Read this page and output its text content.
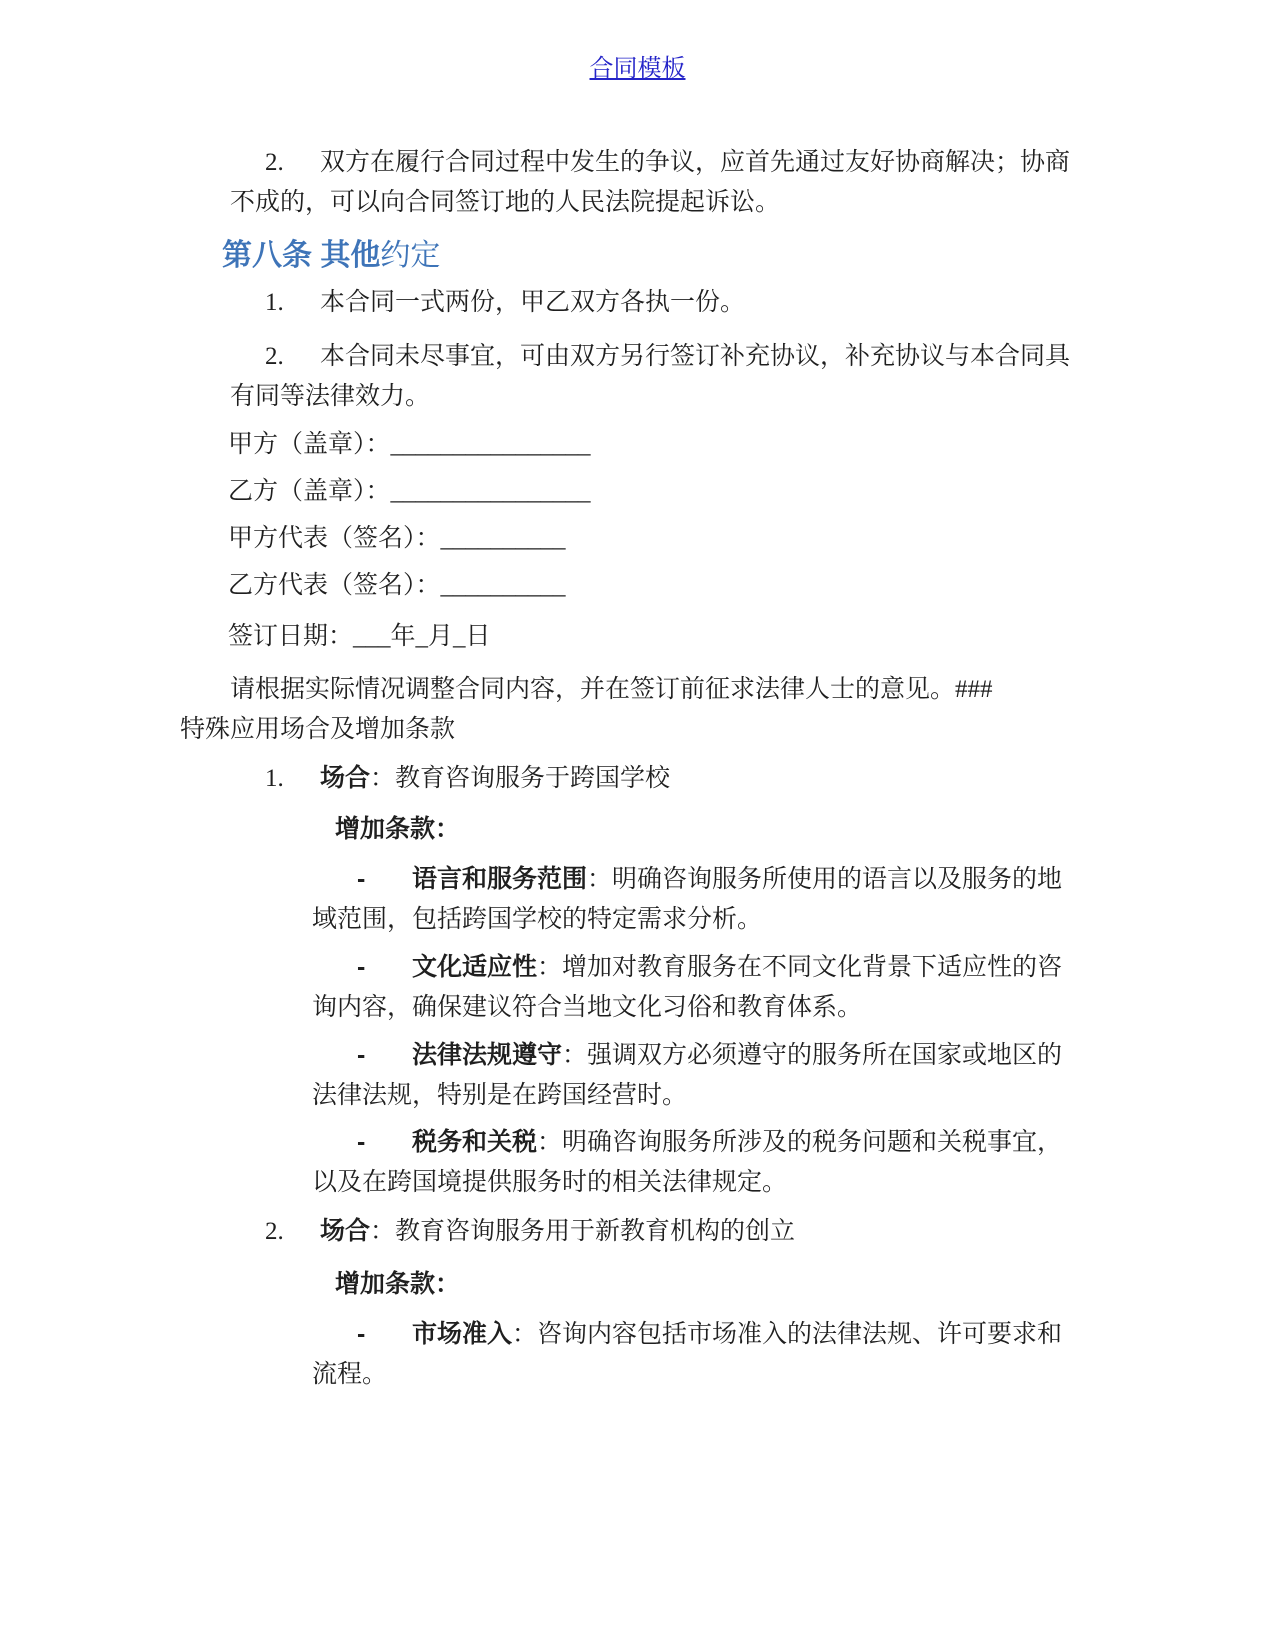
合同模板

2. 双方在履行合同过程中发生的争议，应首先通过友好协商解决；协商不成的，可以向合同签订地的人民法院提起诉讼。

第八条 其他约定

1. 本合同一式两份，甲乙双方各执一份。

2. 本合同未尽事宜，可由双方另行签订补充协议，补充协议与本合同具有同等法律效力。

甲方（盖章）：________________

乙方（盖章）：________________

甲方代表（签名）：__________

乙方代表（签名）：__________

签订日期：___年_月_日

请根据实际情况调整合同内容，并在签订前征求法律人士的意见。###
特殊应用场合及增加条款

1. 场合：教育咨询服务于跨国学校

增加条款：

- 语言和服务范围：明确咨询服务所使用的语言以及服务的地域范围，包括跨国学校的特定需求分析。

- 文化适应性：增加对教育服务在不同文化背景下适应性的咨询内容，确保建议符合当地文化习俗和教育体系。

- 法律法规遵守：强调双方必须遵守的服务所在国家或地区的法律法规，特别是在跨国经营时。

- 税务和关税：明确咨询服务所涉及的税务问题和关税事宜，以及在跨国境提供服务时的相关法律规定。

2. 场合：教育咨询服务用于新教育机构的创立

增加条款：

- 市场准入：咨询内容包括市场准入的法律法规、许可要求和流程。
